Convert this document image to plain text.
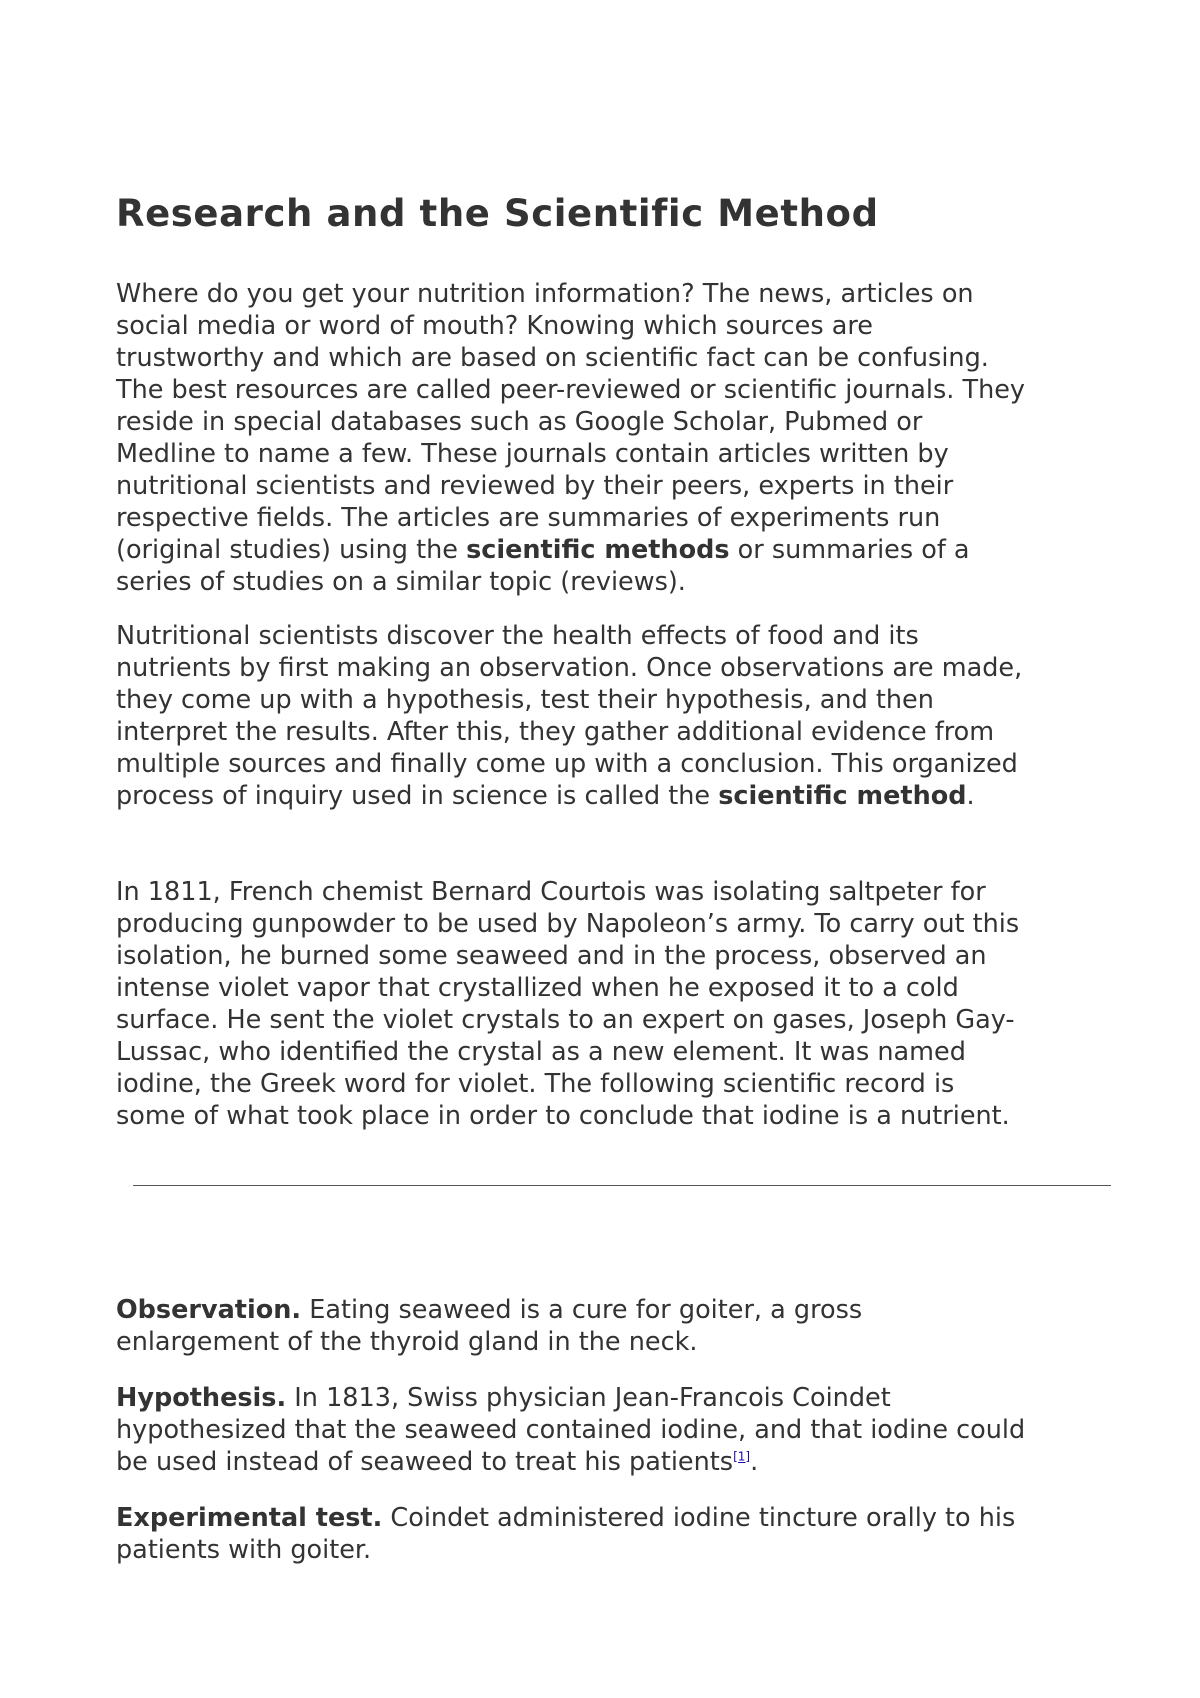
Research and the Scientific Method

Where do you get your nutrition information? The news, articles on
social media or word of mouth? Knowing which sources are
trustworthy and which are based on scientific fact can be confusing.
The best resources are called peer-reviewed or scientific journals. They
reside in special databases such as Google Scholar, Pubmed or
Medline to name a few. These journals contain articles written by
nutritional scientists and reviewed by their peers, experts in their
respective fields. The articles are summaries of experiments run
(original studies) using the scientific methods or summaries of a
series of studies on a similar topic (reviews).

Nutritional scientists discover the health effects of food and its
nutrients by first making an observation. Once observations are made,
they come up with a hypothesis, test their hypothesis, and then
interpret the results. After this, they gather additional evidence from
multiple sources and finally come up with a conclusion. This organized
process of inquiry used in science is called the scientific method.

In 1811, French chemist Bernard Courtois was isolating saltpeter for
producing gunpowder to be used by Napoleon’s army. To carry out this
isolation, he burned some seaweed and in the process, observed an
intense violet vapor that crystallized when he exposed it to a cold
surface. He sent the violet crystals to an expert on gases, Joseph Gay-
Lussac, who identified the crystal as a new element. It was named
iodine, the Greek word for violet. The following scientific record is
some of what took place in order to conclude that iodine is a nutrient.

Observation. Eating seaweed is a cure for goiter, a gross
enlargement of the thyroid gland in the neck.

Hypothesis. In 1813, Swiss physician Jean-Francois Coindet
hypothesized that the seaweed contained iodine, and that iodine could
be used instead of seaweed to treat his patients[1].

Experimental test. Coindet administered iodine tincture orally to his
patients with goiter.
